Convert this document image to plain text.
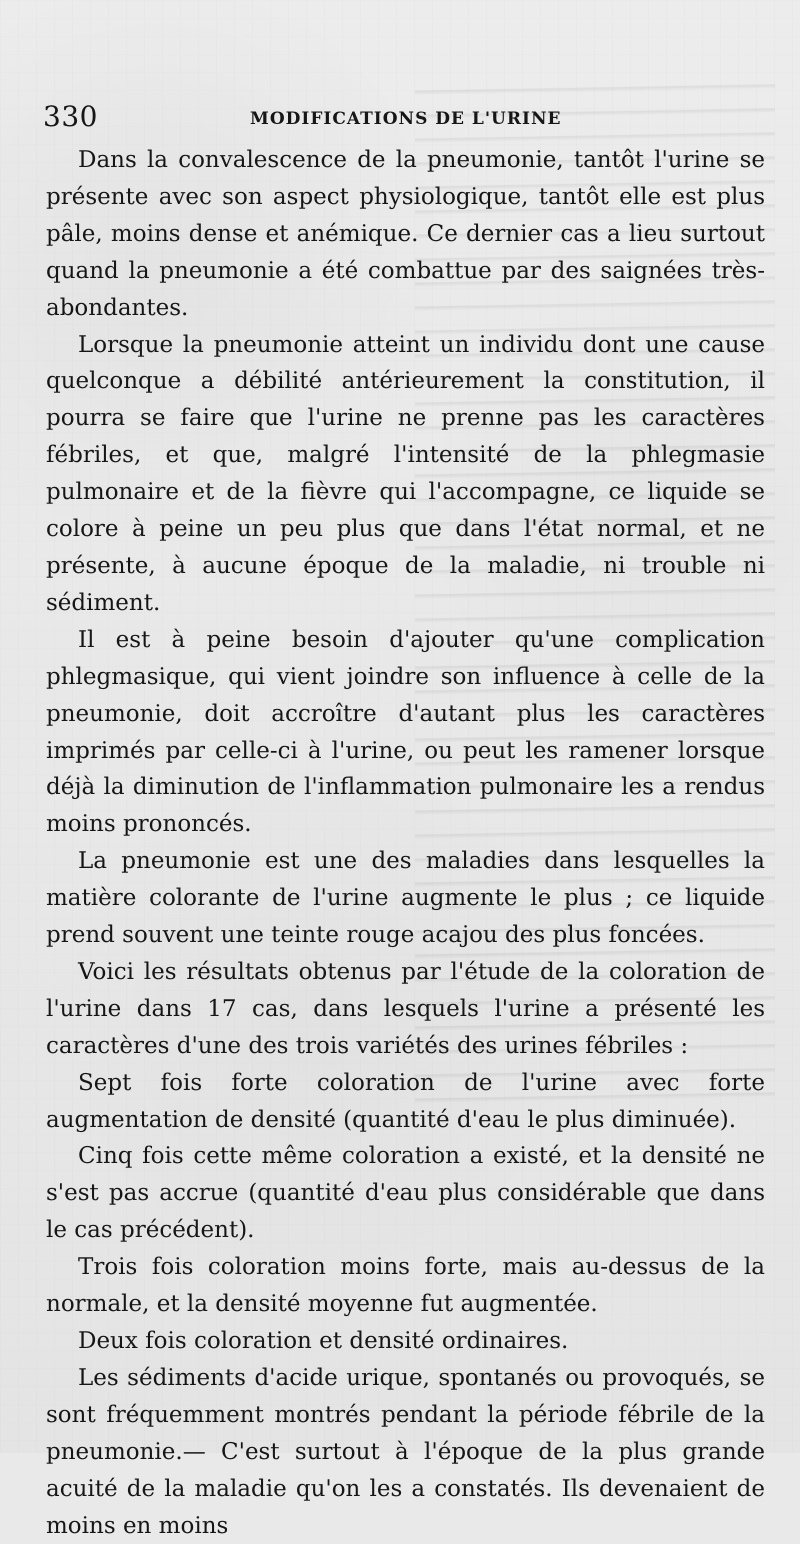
330	MODIFICATIONS DE L'URINE

Dans la convalescence de la pneumonie, tantôt l'urine se présente avec son aspect physiologique, tantôt elle est plus pâle, moins dense et anémique. Ce dernier cas a lieu surtout quand la pneumonie a été combattue par des saignées très-abondantes.

Lorsque la pneumonie atteint un individu dont une cause quelconque a débilité antérieurement la constitution, il pourra se faire que l'urine ne prenne pas les caractères fébriles, et que, malgré l'intensité de la phlegmasie pulmonaire et de la fièvre qui l'accompagne, ce liquide se colore à peine un peu plus que dans l'état normal, et ne présente, à aucune époque de la maladie, ni trouble ni sédiment.

Il est à peine besoin d'ajouter qu'une complication phlegmasique, qui vient joindre son influence à celle de la pneumonie, doit accroître d'autant plus les caractères imprimés par celle-ci à l'urine, ou peut les ramener lorsque déjà la diminution de l'inflammation pulmonaire les a rendus moins prononcés.

La pneumonie est une des maladies dans lesquelles la matière colorante de l'urine augmente le plus ; ce liquide prend souvent une teinte rouge acajou des plus foncées.

Voici les résultats obtenus par l'étude de la coloration de l'urine dans 17 cas, dans lesquels l'urine a présenté les caractères d'une des trois variétés des urines fébriles :

Sept fois forte coloration de l'urine avec forte augmentation de densité (quantité d'eau le plus diminuée).

Cinq fois cette même coloration a existé, et la densité ne s'est pas accrue (quantité d'eau plus considérable que dans le cas précédent).

Trois fois coloration moins forte, mais au-dessus de la normale, et la densité moyenne fut augmentée.

Deux fois coloration et densité ordinaires.

Les sédiments d'acide urique, spontanés ou provoqués, se sont fréquemment montrés pendant la période fébrile de la pneumonie.— C'est surtout à l'époque de la plus grande acuité de la maladie qu'on les a constatés. Ils devenaient de moins en moins
